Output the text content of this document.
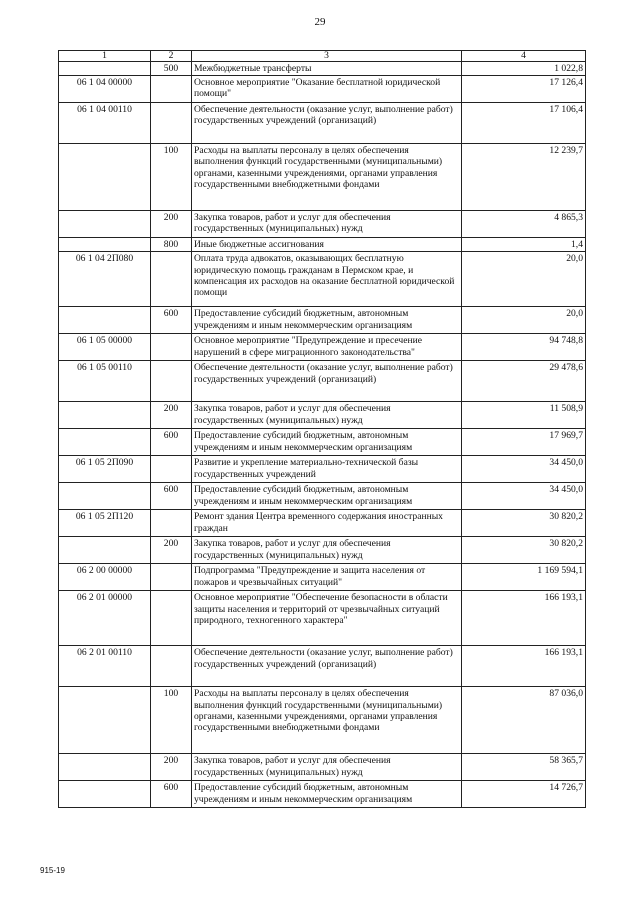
29
1	2	3	4
	500	Межбюджетные трансферты	1 022,8
06 1 04 00000		Основное мероприятие "Оказание бесплатной юридической помощи"	17 126,4
06 1 04 00110		Обеспечение деятельности (оказание услуг, выполнение работ) государственных учреждений (организаций)	17 106,4
	100	Расходы на выплаты персоналу в целях обеспечения выполнения функций государственными (муниципальными) органами, казенными учреждениями, органами управления государственными внебюджетными фондами	12 239,7
	200	Закупка товаров, работ и услуг для обеспечения государственных (муниципальных) нужд	4 865,3
	800	Иные бюджетные ассигнования	1,4
06 1 04 2П080		Оплата труда адвокатов, оказывающих бесплатную юридическую помощь гражданам в Пермском крае, и компенсация их расходов на оказание бесплатной юридической помощи	20,0
	600	Предоставление субсидий бюджетным, автономным учреждениям и иным некоммерческим организациям	20,0
06 1 05 00000		Основное мероприятие "Предупреждение и пресечение нарушений в сфере миграционного законодательства"	94 748,8
06 1 05 00110		Обеспечение деятельности (оказание услуг, выполнение работ) государственных учреждений (организаций)	29 478,6
	200	Закупка товаров, работ и услуг для обеспечения государственных (муниципальных) нужд	11 508,9
	600	Предоставление субсидий бюджетным, автономным учреждениям и иным некоммерческим организациям	17 969,7
06 1 05 2П090		Развитие и укрепление материально-технической базы государственных учреждений	34 450,0
	600	Предоставление субсидий бюджетным, автономным учреждениям и иным некоммерческим организациям	34 450,0
06 1 05 2П120		Ремонт здания Центра временного содержания иностранных граждан	30 820,2
	200	Закупка товаров, работ и услуг для обеспечения государственных (муниципальных) нужд	30 820,2
06 2 00 00000		Подпрограмма "Предупреждение и защита населения от пожаров и чрезвычайных ситуаций"	1 169 594,1
06 2 01 00000		Основное мероприятие "Обеспечение безопасности в области защиты населения и территорий от чрезвычайных ситуаций природного, техногенного характера"	166 193,1
06 2 01 00110		Обеспечение деятельности (оказание услуг, выполнение работ) государственных учреждений (организаций)	166 193,1
	100	Расходы на выплаты персоналу в целях обеспечения выполнения функций государственными (муниципальными) органами, казенными учреждениями, органами управления государственными внебюджетными фондами	87 036,0
	200	Закупка товаров, работ и услуг для обеспечения государственных (муниципальных) нужд	58 365,7
	600	Предоставление субсидий бюджетным, автономным учреждениям и иным некоммерческим организациям	14 726,7
915-19
